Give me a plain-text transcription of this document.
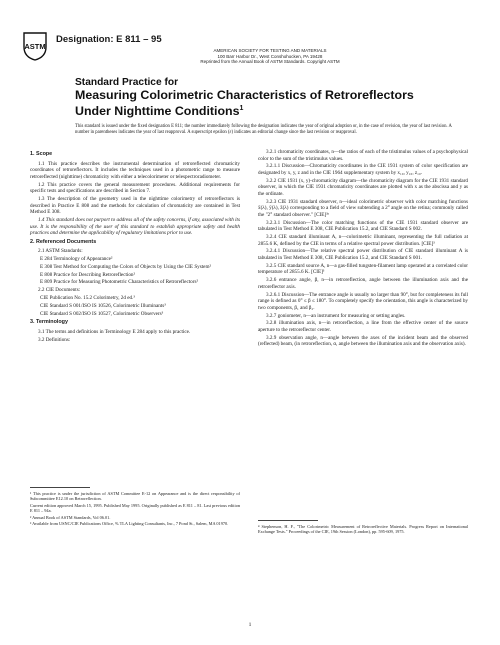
ASTM
Designation: E 811 – 95
AMERICAN SOCIETY FOR TESTING AND MATERIALS
100 Barr Harbor Dr., West Conshohocken, PA 19428
Reprinted from the Annual Book of ASTM Standards. Copyright ASTM
Standard Practice for
Measuring Colorimetric Characteristics of Retroreflectors
Under Nighttime Conditions$^1$
This standard is issued under the fixed designation E 811; the number immediately following the designation indicates the year of original adoption or, in the case of revision, the year of last revision. A number in parentheses indicates the year of last reapproval. A superscript epsilon (ε) indicates an editorial change since the last revision or reapproval.

1. Scope

1.1 This practice describes the instrumental determination of retroreflected chromaticity coordinates of retroreflectors. It includes the techniques used in a photometric range to measure retroreflected (nighttime) chromaticity with either a telecolorimeter or telespectroradiometer.

1.2 This practice covers the general measurement procedures. Additional requirements for specific tests and specifications are described in Section 7.

1.3 The description of the geometry used in the nighttime colorimetry of retroreflectors is described in Practice E 808 and the methods for calculation of chromaticity are contained in Test Method E 308.

1.4 This standard does not purport to address all of the safety concerns, if any, associated with its use. It is the responsibility of the user of this standard to establish appropriate safety and health practices and determine the applicability of regulatory limitations prior to use.

2. Referenced Documents

2.1 ASTM Standards:

E 284 Terminology of Appearance²

E 308 Test Method for Computing the Colors of Objects by Using the CIE System²

E 808 Practice for Describing Retroreflection²

E 809 Practice for Measuring Photometric Characteristics of Retroreflectors²

2.2 CIE Documents:

CIE Publication No. 15.2 Colorimetry, 2d ed.³

CIE Standard S 001/ISO IS 10526, Colorimetric Illuminants³

CIE Standard S 002/ISO IS 10527, Colorimetric Observers³

3. Terminology

3.1 The terms and definitions in Terminology E 284 apply to this practice.

3.2 Definitions:

¹ This practice is under the jurisdiction of ASTM Committee E-12 on Appearance and is the direct responsibility of Subcommittee E12.10 on Retroreflection.

Current edition approved March 15, 1995. Published May 1995. Originally published as E 811 – 81. Last previous edition E 811 – 94a.

² Annual Book of ASTM Standards, Vol 06.01.

³ Available from USNC/CIE Publications Office, % TLA Lighting Consultants, Inc., 7 Pond St., Salem, MA 01970.

3.2.1 chromaticity coordinates, n—the ratios of each of the tristimulus values of a psychophysical color to the sum of the tristimulus values.

3.2.1.1 Discussion—Chromaticity coordinates in the CIE 1931 system of color specification are designated by x, y, z and in the CIE 1964 supplementary system by x₁₀, y₁₀, z₁₀.

3.2.2 CIE 1931 (x, y)-chromaticity diagram—the chromaticity diagram for the CIE 1931 standard observer, in which the CIE 1931 chromaticity coordinates are plotted with x as the abscissa and y as the ordinate.

3.2.3 CIE 1931 standard observer, n—ideal colorimetric observer with color matching functions x̄(λ), ȳ(λ), z̄(λ) corresponding to a field of view subtending a 2° angle on the retina; commonly called the "2° standard observer." [CIE]³ᵃ

3.2.3.1 Discussion—The color matching functions of the CIE 1931 standard observer are tabulated in Test Method E 308, CIE Publication 15.2, and CIE Standard S 002.

3.2.4 CIE standard illuminant A, n—colorimetric illuminant, representing the full radiation at 2855.6 K, defined by the CIE in terms of a relative spectral power distribution. [CIE]³

3.2.4.1 Discussion—The relative spectral power distribution of CIE standard illuminant A is tabulated in Test Method E 308, CIE Publication 15.2, and CIE Standard S 001.

3.2.5 CIE standard source A, n—a gas-filled tungsten-filament lamp operated at a correlated color temperature of 2855.6 K. [CIE]³

3.2.6 entrance angle, β, n—in retroreflection, angle between the illumination axis and the retroreflector axis.

3.2.6.1 Discussion—The entrance angle is usually no larger than 90°, but for completeness its full range is defined as 0° ≤ β ≤ 180°. To completely specify the orientation, this angle is characterized by two components, β₁ and β₂.

3.2.7 goniometer, n—an instrument for measuring or setting angles.

3.2.8 illumination axis, n—in retroreflection, a line from the effective center of the source aperture to the retroreflector center.

3.2.9 observation angle, n—angle between the axes of the incident beam and the observed (reflected) beam, (in retroreflection, α, angle between the illumination axis and the observation axis).

⁴ Stephenson, H. F., "The Colorimetric Measurement of Retroreflective Materials. Progress Report on International Exchange Tests." Proceedings of the CIE, 19th Session (London), pp. 595-609, 1975.

1
